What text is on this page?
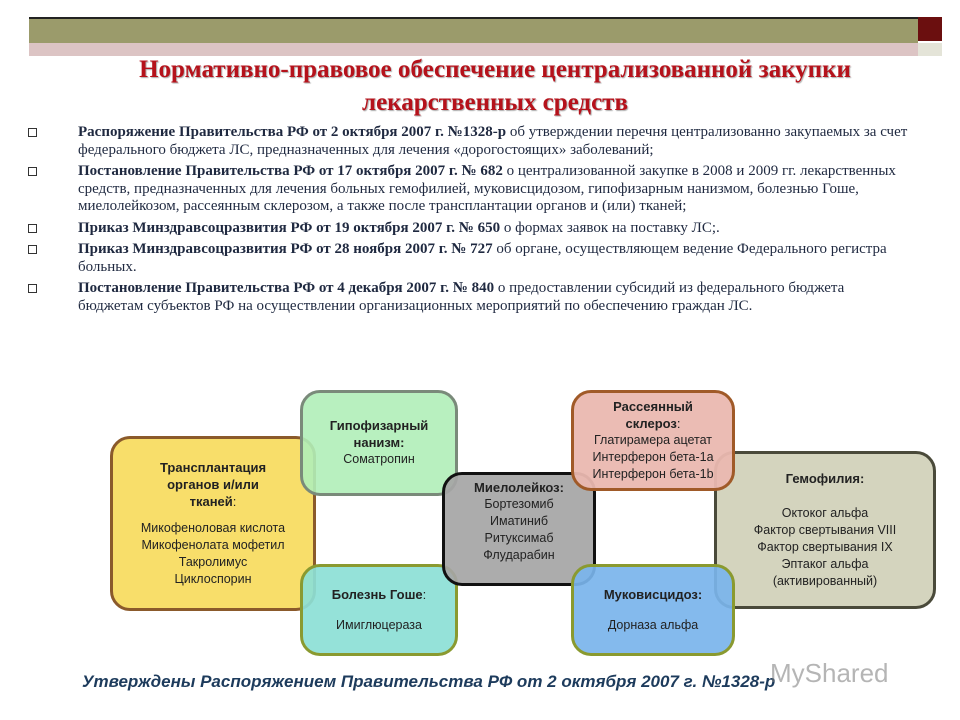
Нормативно-правовое обеспечение централизованной закупки
лекарственных средств
Распоряжение Правительства РФ от 2 октября 2007 г. №1328-р об утверждении перечня централизованно закупаемых за счет федерального бюджета ЛС, предназначенных для лечения «дорогостоящих» заболеваний;
Постановление Правительства РФ от 17 октября 2007 г. № 682 о централизованной закупке в 2008 и 2009 гг. лекарственных средств, предназначенных для лечения больных гемофилией, муковисцидозом, гипофизарным нанизмом, болезнью Гоше, миелолейкозом, рассеянным склерозом, а также после трансплантации органов и (или) тканей;
Приказ Минздравсоцразвития РФ от 19 октября 2007 г. № 650 о формах заявок на поставку ЛС;.
Приказ Минздравсоцразвития РФ от 28 ноября 2007 г. № 727 об органе, осуществляющем ведение Федерального регистра больных.
Постановление Правительства РФ от 4 декабря 2007 г. № 840 о предоставлении субсидий из федерального бюджета бюджетам субъектов РФ на осуществлении организационных мероприятий по обеспечению граждан ЛС.
Трансплантация органов и/или тканей:
Микофеноловая кислота
Микофенолата мофетил
Такролимус
Циклоспорин
Гипофизарный нанизм:
Соматропин
Болезнь Гоше:
Имиглюцераза
Миелолейкоз:
Бортезомиб
Иматиниб
Ритуксимаб
Флударабин
Гемофилия:
Октоког альфа
Фактор свертывания VIII
Фактор свертывания IX
Эптаког альфа
(активированный)
Рассеянный склероз:
Глатирамера ацетат
Интерферон бета-1a
Интерферон бета-1b
Муковисцидоз:
Дорназа альфа
Утверждены Распоряжением Правительства РФ от 2 октября 2007 г. №1328-р
MyShared
